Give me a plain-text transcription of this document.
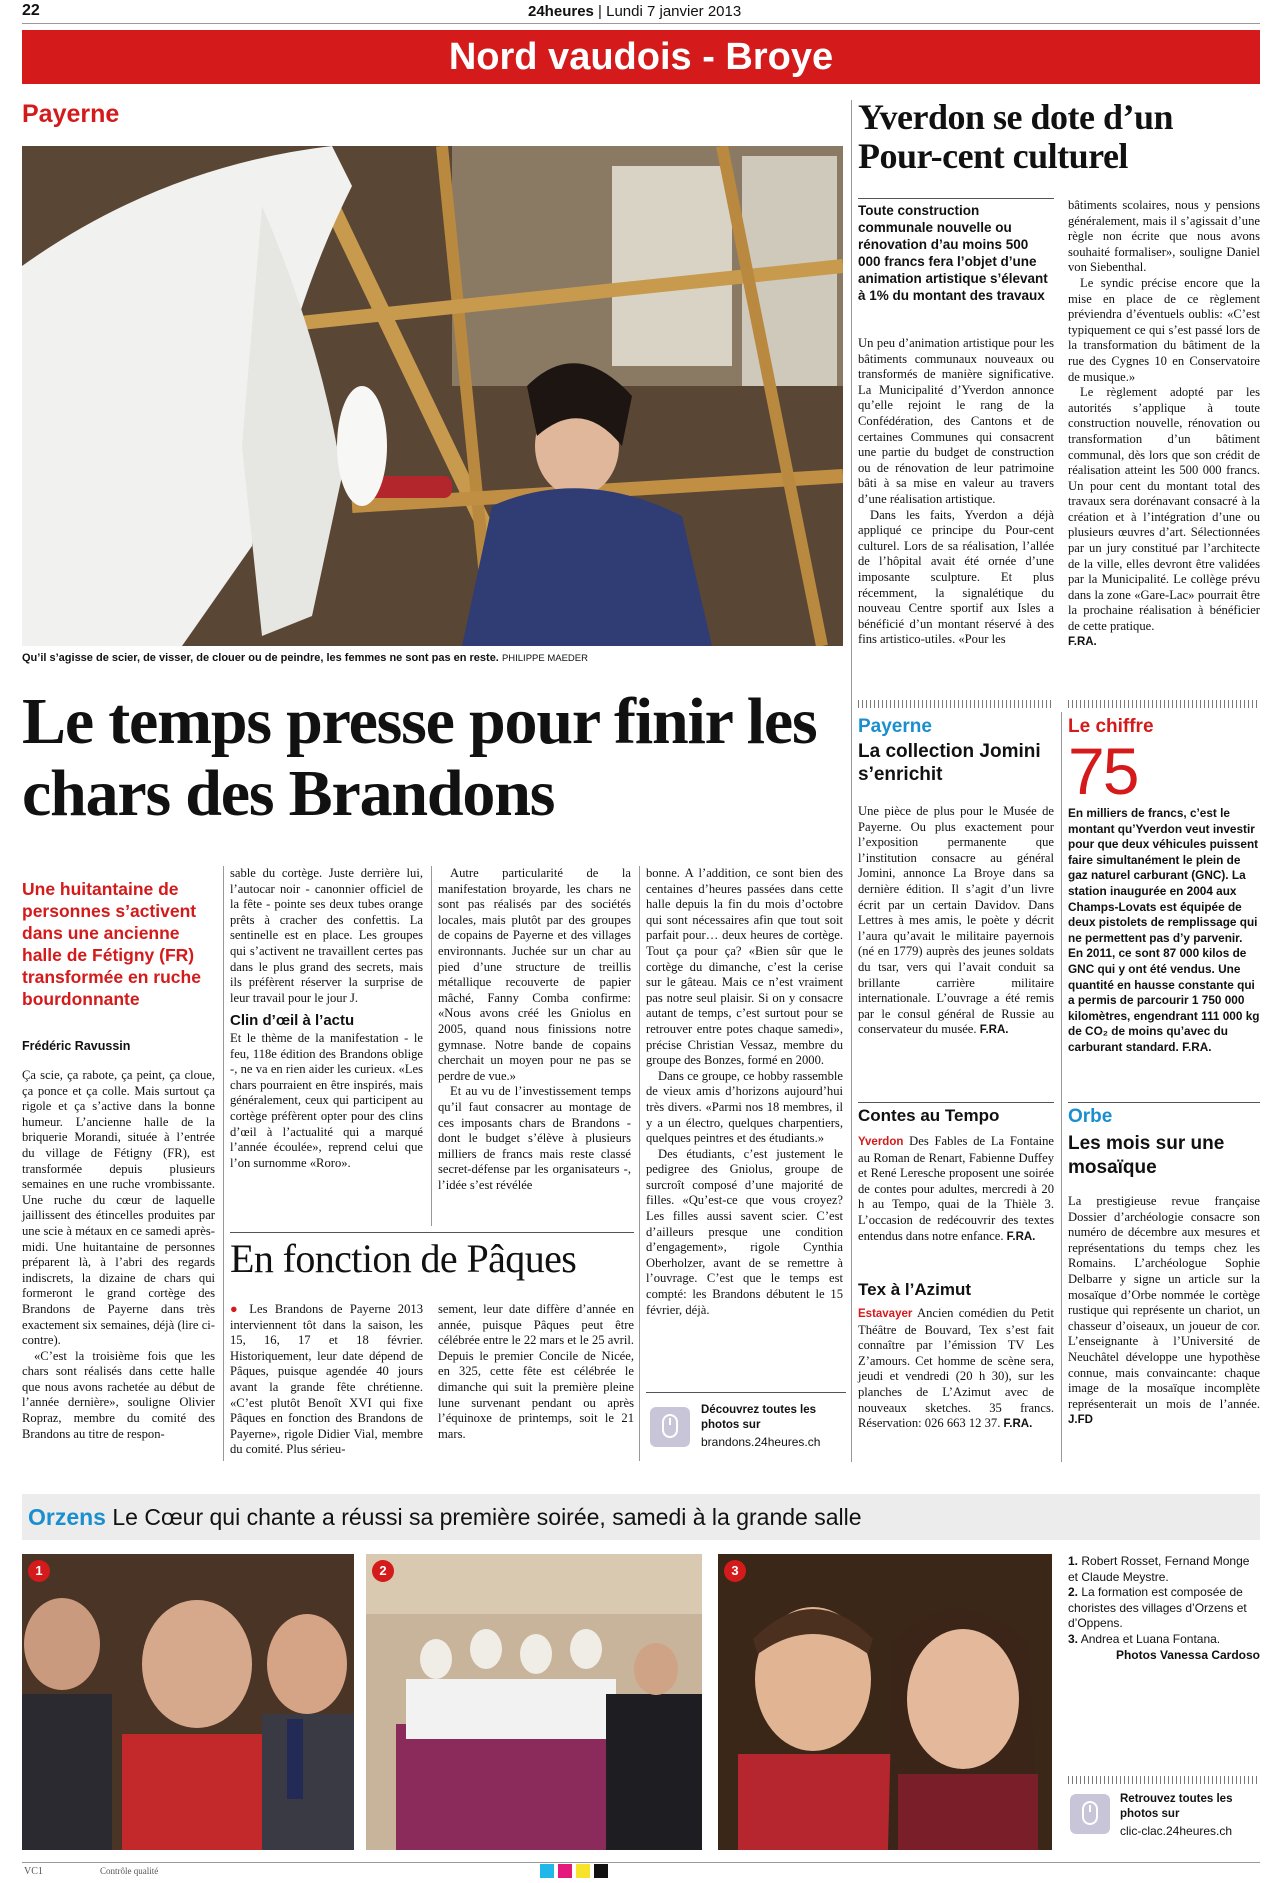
22	24heures | Lundi 7 janvier 2013
Nord vaudois - Broye
Payerne
Qu’il s’agisse de scier, de visser, de clouer ou de peindre, les femmes ne sont pas en reste. PHILIPPE MAEDER
Le temps presse pour finir les chars des Brandons
Une huitantaine de personnes s’activent dans une ancienne halle de Fétigny (FR) transformée en ruche bourdonnante
Frédéric Ravussin

Ça scie, ça rabote, ça peint, ça cloue, ça ponce et ça colle. Mais surtout ça rigole et ça s’active dans la bonne humeur. L’ancienne halle de la briquerie Morandi, située à l’entrée du village de Fétigny (FR), est transformée depuis plusieurs semaines en une ruche vrombissante. Une ruche du cœur de laquelle jaillissent des étincelles produites par une scie à métaux en ce samedi après-midi. Une huitantaine de personnes préparent là, à l’abri des regards indiscrets, la dizaine de chars qui formeront le grand cortège des Brandons de Payerne dans très exactement six semaines, déjà (lire ci-contre).

«C’est la troisième fois que les chars sont réalisés dans cette halle que nous avons rachetée au début de l’année dernière», souligne Olivier Ropraz, membre du comité des Brandons au titre de respon-

sable du cortège. Juste derrière lui, l’autocar noir - canonnier officiel de la fête - pointe ses deux tubes orange prêts à cracher des confettis. La sentinelle est en place. Les groupes qui s’activent ne travaillent certes pas dans le plus grand des secrets, mais ils préfèrent réserver la surprise de leur travail pour le jour J.

Clin d’œil à l’actu

Et le thème de la manifestation - le feu, 118e édition des Brandons oblige -, ne va en rien aider les curieux. «Les chars pourraient en être inspirés, mais généralement, ceux qui participent au cortège préfèrent opter pour des clins d’œil à l’actualité qui a marqué l’année écoulée», reprend celui que l’on surnomme «Roro».

Autre particularité de la manifestation broyarde, les chars ne sont pas réalisés par des sociétés locales, mais plutôt par des groupes de copains de Payerne et des villages environnants. Juchée sur un char au pied d’une structure de treillis métallique recouverte de papier mâché, Fanny Comba confirme: «Nous avons créé les Gniolus en 2005, quand nous finissions notre gymnase. Notre bande de copains cherchait un moyen pour ne pas se perdre de vue.»

Et au vu de l’investissement temps qu’il faut consacrer au montage de ces imposants chars de Brandons - dont le budget s’élève à plusieurs milliers de francs mais reste classé secret-défense par les organisateurs -, l’idée s’est révélée

bonne. A l’addition, ce sont bien des centaines d’heures passées dans cette halle depuis la fin du mois d’octobre qui sont nécessaires afin que tout soit parfait pour… deux heures de cortège. Tout ça pour ça? «Bien sûr que le cortège du dimanche, c’est la cerise sur le gâteau. Mais ce n’est vraiment pas notre seul plaisir. Si on y consacre autant de temps, c’est surtout pour se retrouver entre potes chaque samedi», précise Christian Vessaz, membre du groupe des Bonzes, formé en 2000.

Dans ce groupe, ce hobby rassemble de vieux amis d’horizons aujourd’hui très divers. «Parmi nos 18 membres, il y a un électro, quelques charpentiers, quelques peintres et des étudiants.»

Des étudiants, c’est justement le pedigree des Gniolus, groupe de surcroît composé d’une majorité de filles. «Qu’est-ce que vous croyez? Les filles aussi savent scier. C’est d’ailleurs presque une condition d’engagement», rigole Cynthia Oberholzer, avant de se remettre à l’ouvrage. C’est que le temps est compté: les Brandons débutent le 15 février, déjà.

En fonction de Pâques

● Les Brandons de Payerne 2013 interviennent tôt dans la saison, les 15, 16, 17 et 18 février. Historiquement, leur date dépend de Pâques, puisque agendée 40 jours avant la grande fête chrétienne. «C’est plutôt Benoît XVI qui fixe Pâques en fonction des Brandons de Payerne», rigole Didier Vial, membre du comité. Plus sérieu-

sement, leur date diffère d’année en année, puisque Pâques peut être célébrée entre le 22 mars et le 25 avril. Depuis le premier Concile de Nicée, en 325, cette fête est célébrée le dimanche qui suit la première pleine lune survenant pendant ou après l’équinoxe de printemps, soit le 21 mars.

Découvrez toutes les photos sur
brandons.24heures.ch
Yverdon se dote d’un Pour-cent culturel
Toute construction communale nouvelle ou rénovation d’au moins 500 000 francs fera l’objet d’une animation artistique s’élevant à 1% du montant des travaux

Un peu d’animation artistique pour les bâtiments communaux nouveaux ou transformés de manière significative. La Municipalité d’Yverdon annonce qu’elle rejoint le rang de la Confédération, des Cantons et de certaines Communes qui consacrent une partie du budget de construction ou de rénovation de leur patrimoine bâti à sa mise en valeur au travers d’une réalisation artistique.

Dans les faits, Yverdon a déjà appliqué ce principe du Pour-cent culturel. Lors de sa réalisation, l’allée de l’hôpital avait été ornée d’une imposante sculpture. Et plus récemment, la signalétique du nouveau Centre sportif aux Isles a bénéficié d’un montant réservé à des fins artistico-utiles. «Pour les

bâtiments scolaires, nous y pensions généralement, mais il s’agissait d’une règle non écrite que nous avons souhaité formaliser», souligne Daniel von Siebenthal.

Le syndic précise encore que la mise en place de ce règlement préviendra d’éventuels oublis: «C’est typiquement ce qui s’est passé lors de la transformation du bâtiment de la rue des Cygnes 10 en Conservatoire de musique.»

Le règlement adopté par les autorités s’applique à toute construction nouvelle, rénovation ou transformation d’un bâtiment communal, dès lors que son crédit de réalisation atteint les 500 000 francs. Un pour cent du montant total des travaux sera dorénavant consacré à la création et à l’intégration d’une ou plusieurs œuvres d’art. Sélectionnées par un jury constitué par l’architecte de la ville, elles devront être validées par la Municipalité. Le collège prévu dans la zone «Gare-Lac» pourrait être la prochaine réalisation à bénéficier de cette pratique.

F.RA.
Payerne
La collection Jomini s’enrichit

Une pièce de plus pour le Musée de Payerne. Ou plus exactement pour l’exposition permanente que l’institution consacre au général Jomini, annonce La Broye dans sa dernière édition. Il s’agit d’un livre écrit par un certain Davidov. Dans Lettres à mes amis, le poète y décrit l’aura qu’avait le militaire payernois (né en 1779) auprès des jeunes soldats du tsar, vers qui l’avait conduit sa brillante carrière militaire internationale. L’ouvrage a été remis par le consul général de Russie au conservateur du musée. F.RA.

Contes au Tempo

Yverdon Des Fables de La Fontaine au Roman de Renart, Fabienne Duffey et René Leresche proposent une soirée de contes pour adultes, mercredi à 20 h au Tempo, quai de la Thièle 3. L’occasion de redécouvrir des textes entendus dans notre enfance. F.RA.

Tex à l’Azimut

Estavayer Ancien comédien du Petit Théâtre de Bouvard, Tex s’est fait connaître par l’émission TV Les Z’amours. Cet homme de scène sera, jeudi et vendredi (20 h 30), sur les planches de L’Azimut avec de nouveaux sketches. 35 francs. Réservation: 026 663 12 37. F.RA.

Le chiffre
75
En milliers de francs, c’est le montant qu’Yverdon veut investir pour que deux véhicules puissent faire simultanément le plein de gaz naturel carburant (GNC). La station inaugurée en 2004 aux Champs-Lovats est équipée de deux pistolets de remplissage qui ne permettent pas d’y parvenir. En 2011, ce sont 87 000 kilos de GNC qui y ont été vendus. Une quantité en hausse constante qui a permis de parcourir 1 750 000 kilomètres, engendrant 111 000 kg de CO₂ de moins qu’avec du carburant standard. F.RA.
Orbe
Les mois sur une mosaïque

La prestigieuse revue française Dossier d’archéologie consacre son numéro de décembre aux mesures et représentations du temps chez les Romains. L’archéologue Sophie Delbarre y signe un article sur la mosaïque d’Orbe nommée le cortège rustique qui représente un chariot, un chasseur d’oiseaux, un joueur de cor. L’enseignante à l’Université de Neuchâtel développe une hypothèse connue, mais convaincante: chaque image de la mosaïque incomplète représenterait un mois de l’année. J.FD

Orzens Le Cœur qui chante a réussi sa première soirée, samedi à la grande salle
1	2	3
1. Robert Rosset, Fernand Monge et Claude Meystre.
2. La formation est composée de choristes des villages d’Orzens et d’Oppens.
3. Andrea et Luana Fontana.
Photos Vanessa Cardoso
Retrouvez toutes les photos sur
clic-clac.24heures.ch
VC1	Contrôle qualité
